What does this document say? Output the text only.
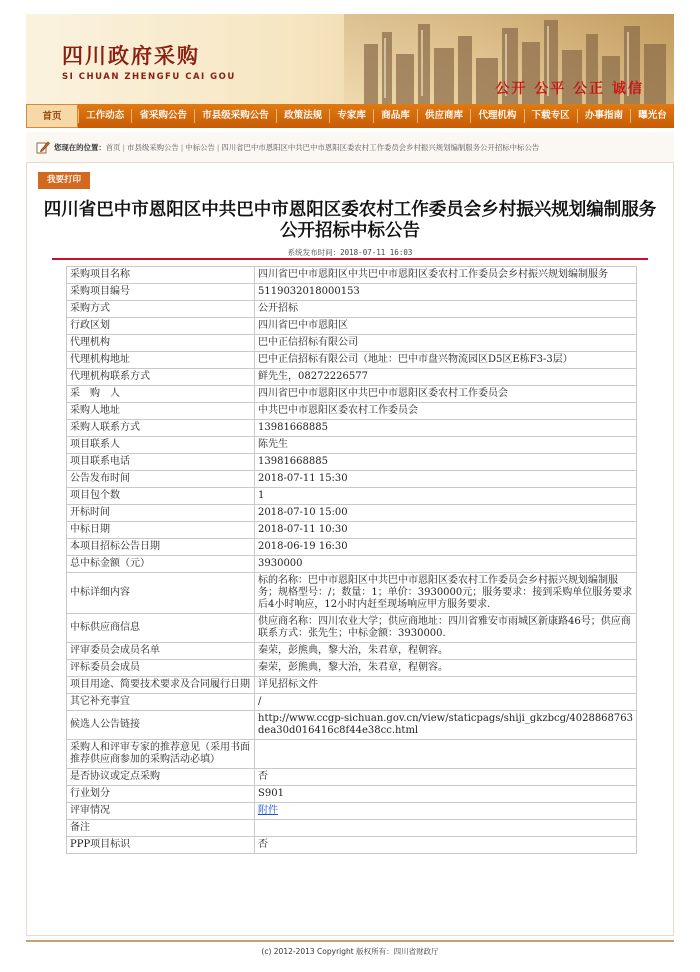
四川政府采购
SI CHUAN ZHENGFU CAI GOU
公开 公平 公正 诚信
首页	工作动态	省采购公告	市县级采购公告	政策法规	专家库	商品库	供应商库	代理机构	下载专区	办事指南	曝光台
您现在的位置： 首页 | 市县级采购公告 | 中标公告 | 四川省巴中市恩阳区中共巴中市恩阳区委农村工作委员会乡村振兴规划编制服务公开招标中标公告
我要打印
四川省巴中市恩阳区中共巴中市恩阳区委农村工作委员会乡村振兴规划编制服务公开招标中标公告
系统发布时间：2018-07-11 16:03
采购项目名称	四川省巴中市恩阳区中共巴中市恩阳区委农村工作委员会乡村振兴规划编制服务
采购项目编号	511903201800015З
采购方式	公开招标
行政区划	四川省巴中市恩阳区
代理机构	巴中正信招标有限公司
代理机构地址	巴中正信招标有限公司（地址：巴中市盘兴物流园区D5区E栋F3-3层）
代理机构联系方式	鲜先生，08272226577
采　购　人	四川省巴中市恩阳区中共巴中市恩阳区委农村工作委员会
采购人地址	中共巴中市恩阳区委农村工作委员会
采购人联系方式	13981668885
项目联系人	陈先生
项目联系电话	13981668885
公告发布时间	2018-07-11 15:30
项目包个数	1
开标时间	2018-07-10 15:00
中标日期	2018-07-11 10:30
本项目招标公告日期	2018-06-19 16:30
总中标金额（元）	3930000
中标详细内容	标的名称：巴中市恩阳区中共巴中市恩阳区委农村工作委员会乡村振兴规划编制服务；规格型号：/；数量：1；单价：3930000元；服务要求：接到采购单位服务要求后4小时响应，12小时内赶至现场响应甲方服务要求.
中标供应商信息	供应商名称：四川农业大学；供应商地址：四川省雅安市雨城区新康路46号；供应商联系方式：张先生；中标金额：3930000.
评审委员会成员名单	秦荣，彭熊典，黎大治，朱君章，程朝容。
评标委员会成员	秦荣，彭熊典，黎大治，朱君章，程朝容。
项目用途、简要技术要求及合同履行日期	详见招标文件
其它补充事宜	/
候选人公告链接	http://www.ccgp-sichuan.gov.cn/view/staticpags/shiji_gkzbcg/4028868763dea30d016416c8f44e38cc.html
采购人和评审专家的推荐意见（采用书面推荐供应商参加的采购活动必填）	
是否协议或定点采购	否
行业划分	S901
评审情况	附件
备注	
PPP项目标识	否
(c) 2012-2013 Copyright 版权所有：四川省财政厅
